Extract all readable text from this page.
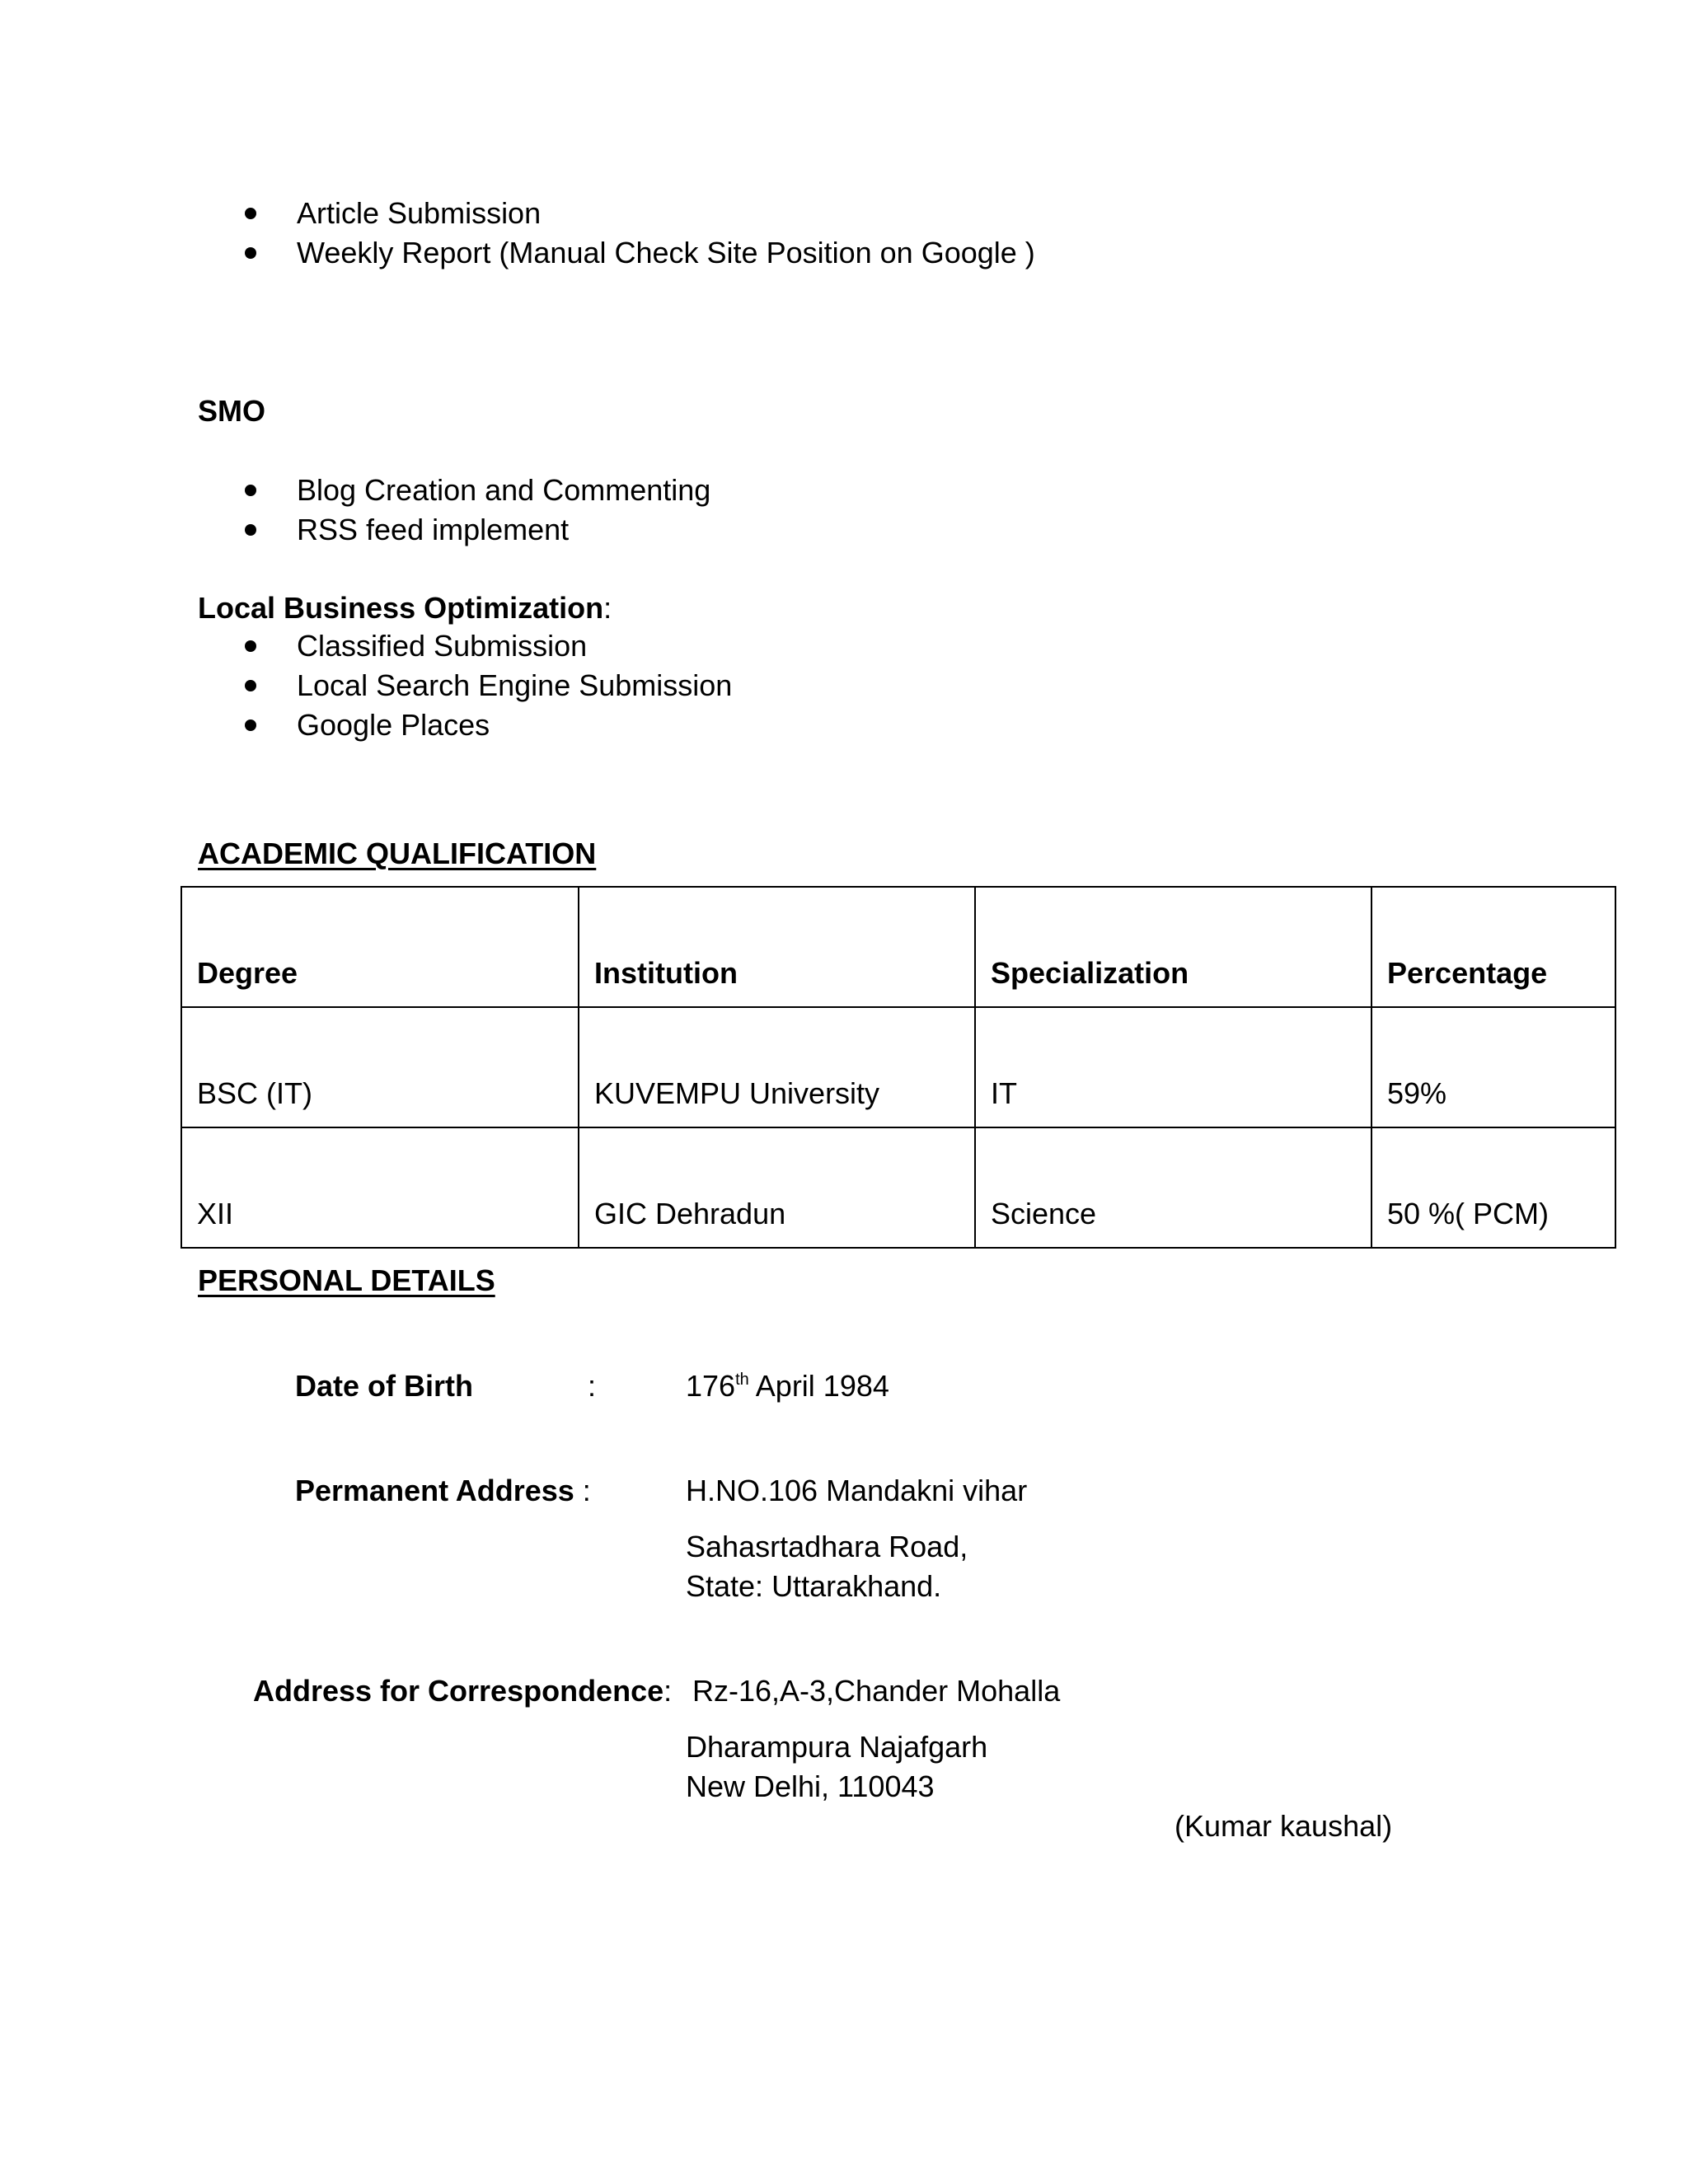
Article Submission
Weekly Report (Manual Check Site Position on Google )
SMO
Blog Creation and Commenting
RSS feed implement
Local Business Optimization:
Classified Submission
Local Search Engine Submission
Google Places
ACADEMIC QUALIFICATION
Degree	Institution	Specialization	Percentage
BSC (IT)	KUVEMPU University	IT	59%
XII	GIC Dehradun	Science	50 %( PCM)
PERSONAL DETAILS
Date of Birth	:	176th April 1984
Permanent Address :	H.NO.106 Mandakni vihar
Sahasrtadhara Road,
State: Uttarakhand.
Address for Correspondence: Rz-16,A-3,Chander Mohalla
Dharampura Najafgarh
New Delhi, 110043
(Kumar kaushal)
